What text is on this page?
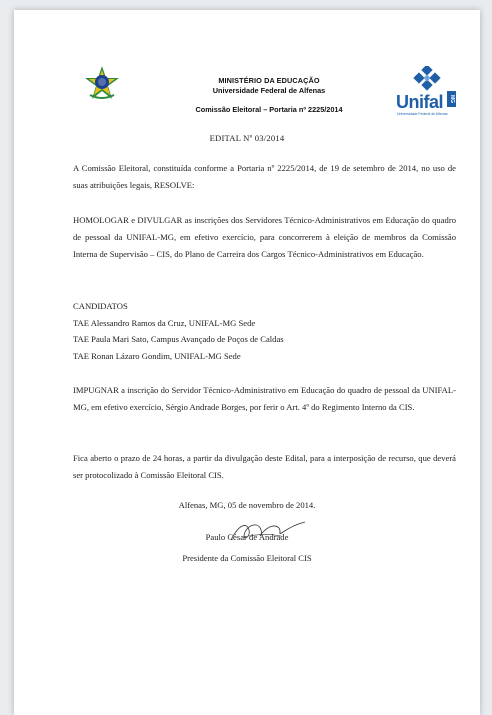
MINISTÉRIO DA EDUCAÇÃO
Universidade Federal de Alfenas
Comissão Eleitoral – Portaria nº 2225/2014	Unifal	MG
Universidade Federal de Alfenas
EDITAL Nº 03/2014

A Comissão Eleitoral, constituída conforme a Portaria nº 2225/2014, de 19 de setembro de 2014, no uso de suas atribuições legais, RESOLVE:

HOMOLOGAR e DIVULGAR as inscrições dos Servidores Técnico-Administrativos em Educação do quadro de pessoal da UNIFAL-MG, em efetivo exercício, para concorrerem à eleição de membros da Comissão Interna de Supervisão – CIS, do Plano de Carreira dos Cargos Técnico-Administrativos em Educação.

CANDIDATOS
TAE Alessandro Ramos da Cruz, UNIFAL-MG Sede
TAE Paula Mari Sato, Campus Avançado de Poços de Caldas
TAE Ronan Lázaro Gondim, UNIFAL-MG Sede

IMPUGNAR a inscrição do Servidor Técnico-Administrativo em Educação do quadro de pessoal da UNIFAL-MG, em efetivo exercício, Sérgio Andrade Borges, por ferir o Art. 4º do Regimento Interno da CIS.

Fica aberto o prazo de 24 horas, a partir da divulgação deste Edital, para a interposição de recurso, que deverá ser protocolizado à Comissão Eleitoral CIS.

Alfenas, MG, 05 de novembro de 2014.
Paulo César de Andrade
Presidente da Comissão Eleitoral CIS
